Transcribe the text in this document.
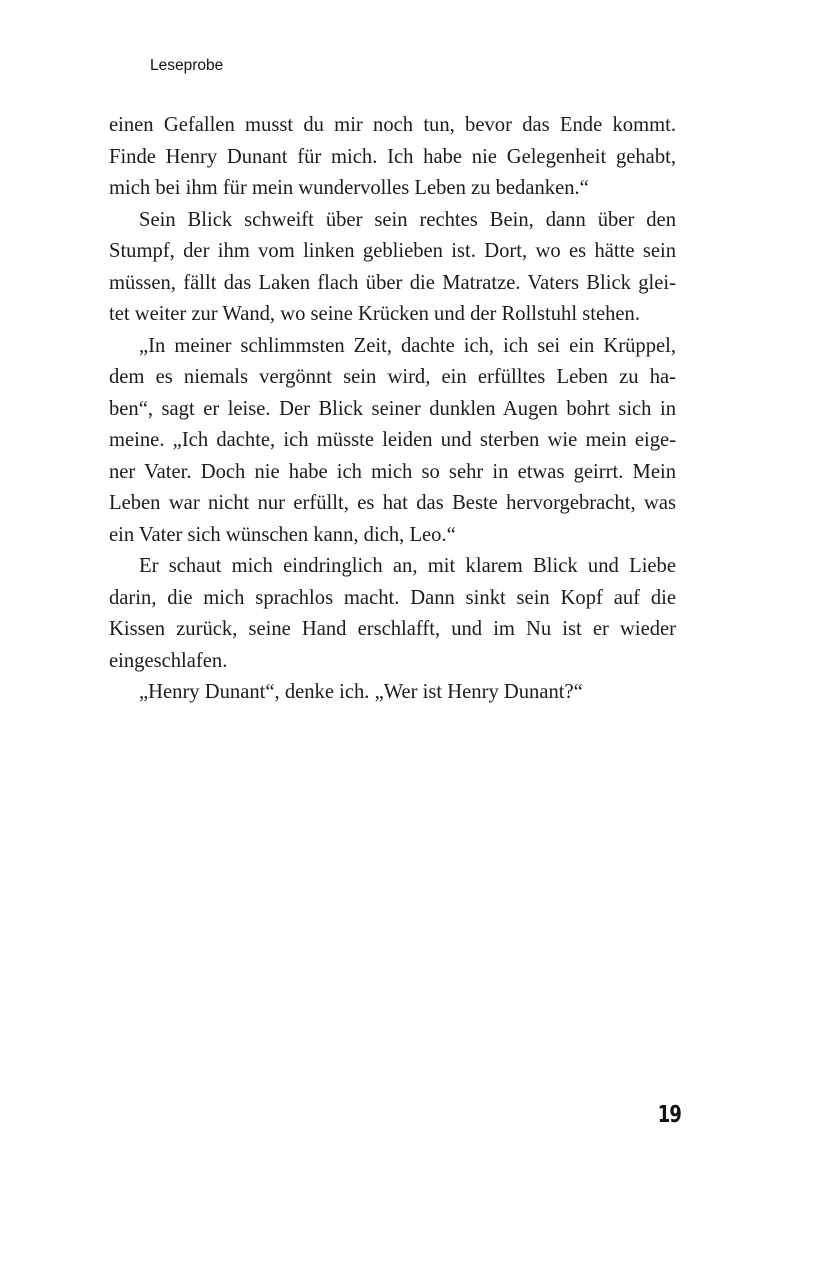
Leseprobe
einen Gefallen musst du mir noch tun, bevor das Ende kommt.
Finde Henry Dunant für mich. Ich habe nie Gelegenheit gehabt,
mich bei ihm für mein wundervolles Leben zu bedanken.“
Sein Blick schweift über sein rechtes Bein, dann über den
Stumpf, der ihm vom linken geblieben ist. Dort, wo es hätte sein
müssen, fällt das Laken flach über die Matratze. Vaters Blick glei-
tet weiter zur Wand, wo seine Krücken und der Rollstuhl stehen.
„In meiner schlimmsten Zeit, dachte ich, ich sei ein Krüppel,
dem es niemals vergönnt sein wird, ein erfülltes Leben zu ha-
ben“, sagt er leise. Der Blick seiner dunklen Augen bohrt sich in
meine. „Ich dachte, ich müsste leiden und sterben wie mein eige-
ner Vater. Doch nie habe ich mich so sehr in etwas geirrt. Mein
Leben war nicht nur erfüllt, es hat das Beste hervorgebracht, was
ein Vater sich wünschen kann, dich, Leo.“
Er schaut mich eindringlich an, mit klarem Blick und Liebe
darin, die mich sprachlos macht. Dann sinkt sein Kopf auf die
Kissen zurück, seine Hand erschlafft, und im Nu ist er wieder
eingeschlafen.
„Henry Dunant“, denke ich. „Wer ist Henry Dunant?“
19
